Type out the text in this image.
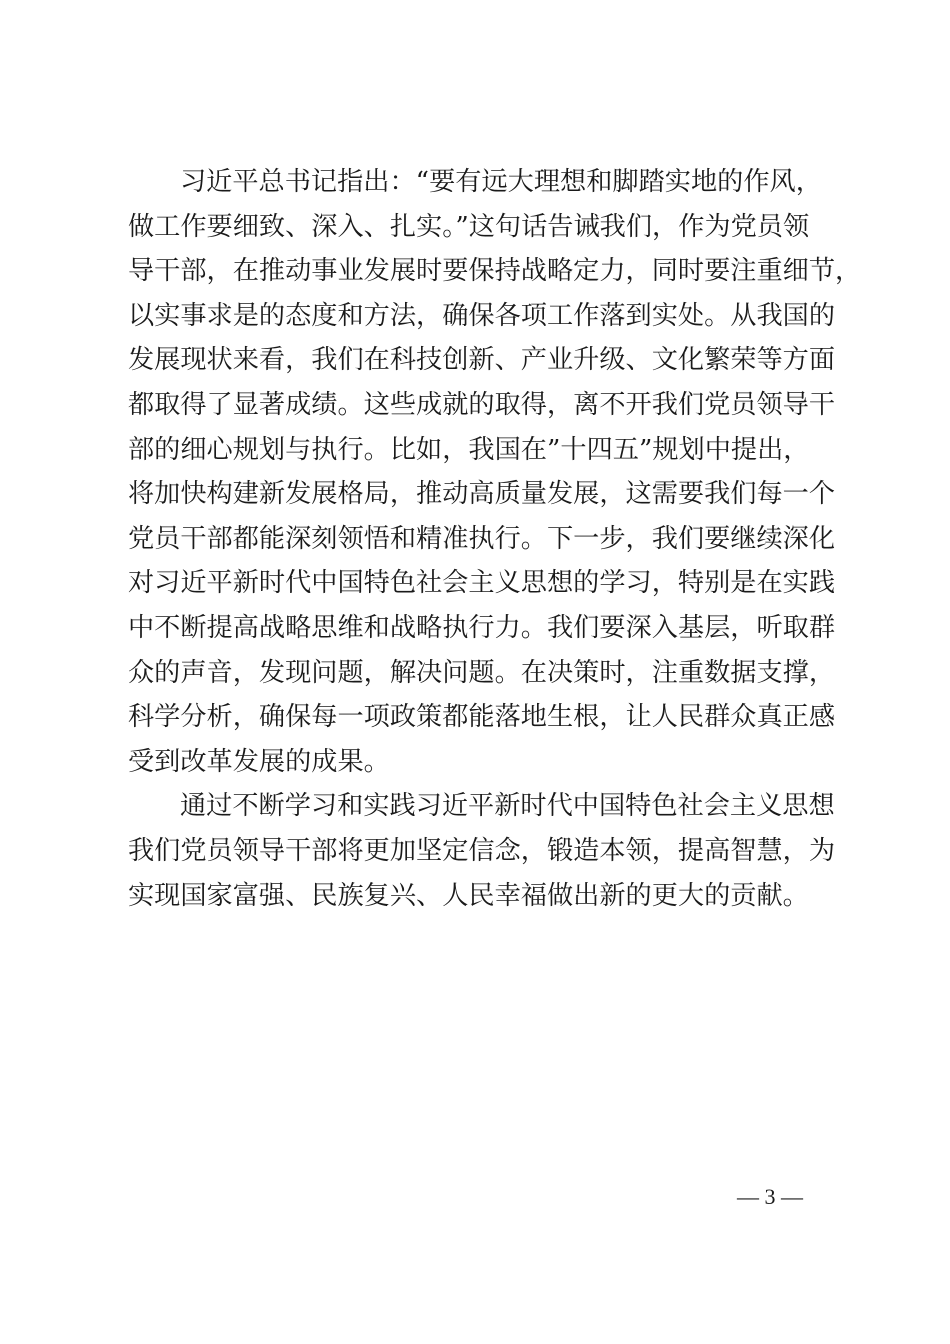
习近平总书记指出：“要有远大理想和脚踏实地的作风，
做工作要细致、深入、扎实。”这句话告诫我们，作为党员领
导干部，在推动事业发展时要保持战略定力，同时要注重细节，
以实事求是的态度和方法，确保各项工作落到实处。从我国的
发展现状来看，我们在科技创新、产业升级、文化繁荣等方面
都取得了显著成绩。这些成就的取得，离不开我们党员领导干
部的细心规划与执行。比如，我国在”十四五”规划中提出，
将加快构建新发展格局，推动高质量发展，这需要我们每一个
党员干部都能深刻领悟和精准执行。下一步，我们要继续深化
对习近平新时代中国特色社会主义思想的学习，特别是在实践
中不断提高战略思维和战略执行力。我们要深入基层，听取群
众的声音，发现问题，解决问题。在决策时，注重数据支撑，
科学分析，确保每一项政策都能落地生根，让人民群众真正感
受到改革发展的成果。
通过不断学习和实践习近平新时代中国特色社会主义思想
我们党员领导干部将更加坚定信念，锻造本领，提高智慧，为
实现国家富强、民族复兴、人民幸福做出新的更大的贡献。
— 3 —
